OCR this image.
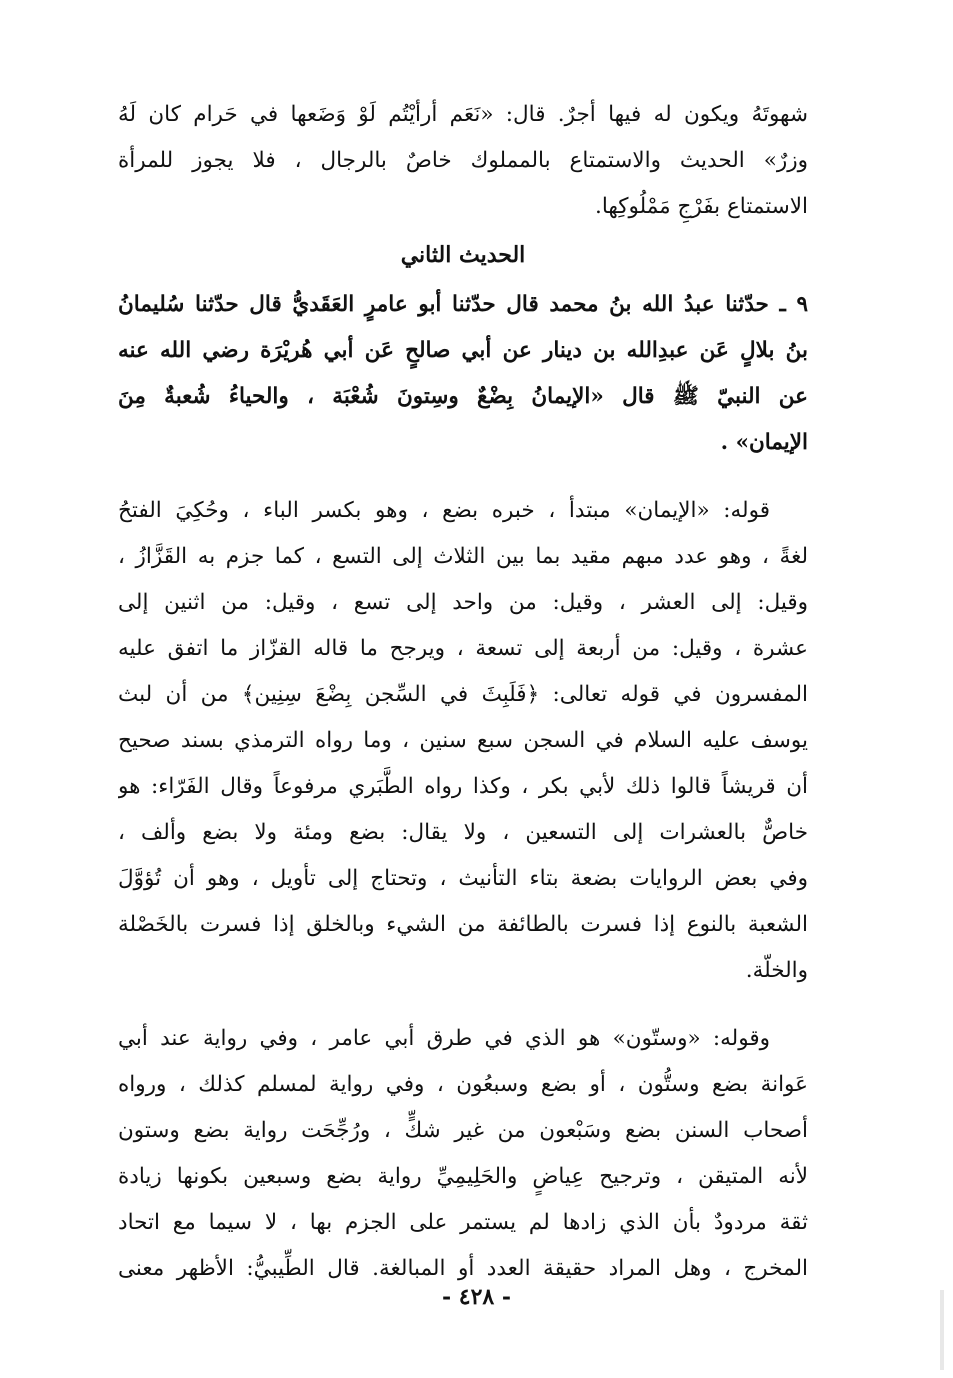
شهوتَهُ ويكون له فيها أجرٌ. قال: «نَعَم أرأيْتُم لَوْ وَضَعها في حَرام كان لَهُ
وزرٌ» الحديث والاستمتاع بالمملوك خاصٌ بالرجال ، فلا يجوز للمرأة
الاستمتاع بفَرْجِ مَمْلُوكِها.
الحديث الثاني
٩ ـ حدّثنا عبدُ الله بنُ محمد قال حدّثنا أبو عامرٍ العَقَديُّ قال حدّثنا سُليمانُ
بنُ بلالٍ عَن عبدِالله بن دينار عن أبي صالحٍ عَن أبي هُريْرَة رضي الله عنه
عن النبيّ ﷺ قال «الإيمانُ بِضْعٌ وسِتونَ شُعْبَة ، والحياءُ شُعبةٌ مِنَ
الإيمان» .
قوله: «الإيمان» مبتدأ ، خبره بضع ، وهو بكسر الباء ، وحُكِيَ الفتحُ
لغةً ، وهو عدد مبهم مقيد بما بين الثلاث إلى التسع ، كما جزم به القَزَّازُ ،
وقيل: إلى العشر ، وقيل: من واحد إلى تسع ، وقيل: من اثنين إلى
عشرة ، وقيل: من أربعة إلى تسعة ، ويرجح ما قاله القزّاز ما اتفق عليه
المفسرون في قوله تعالى: ﴿فَلَبِثَ في السِّجن بِضْعَ سِنِين﴾ من أن لبث
يوسف عليه السلام في السجن سبع سنين ، وما رواه الترمذي بسند صحيح
أن قريشاً قالوا ذلك لأبي بكر ، وكذا رواه الطَّبَري مرفوعاً وقال الفَرّاء: هو
خاصٌّ بالعشرات إلى التسعين ، ولا يقال: بضع ومئة ولا بضع وألف ،
وفي بعض الروايات بضعة بتاء التأنيث ، وتحتاج إلى تأويل ، وهو أن تُؤوَّلَ
الشعبة بالنوع إذا فسرت بالطائفة من الشيء وبالخلق إذا فسرت بالخَصْلة
والخلّة.
وقوله: «وستّون» هو الذي في طرق أبي عامر ، وفي رواية عند أبي
عَوانة بضع وستُّون ، أو بضع وسبعُون ، وفي رواية لمسلم كذلك ، ورواه
أصحاب السنن بضع وسَبْعون من غير شكٍّ ، ورُجِّحَت رواية بضع وستون
لأنه المتيقن ، وترجيح عِياضٍ والحَلِيمِيِّ رواية بضع وسبعين بكونها زيادة
ثقة مردودٌ بأن الذي زادها لم يستمر على الجزم بها ، لا سيما مع اتحاد
المخرج ، وهل المراد حقيقة العدد أو المبالغة. قال الطِّيبيُّ: الأظهر معنى
- ٤٢٨ -
